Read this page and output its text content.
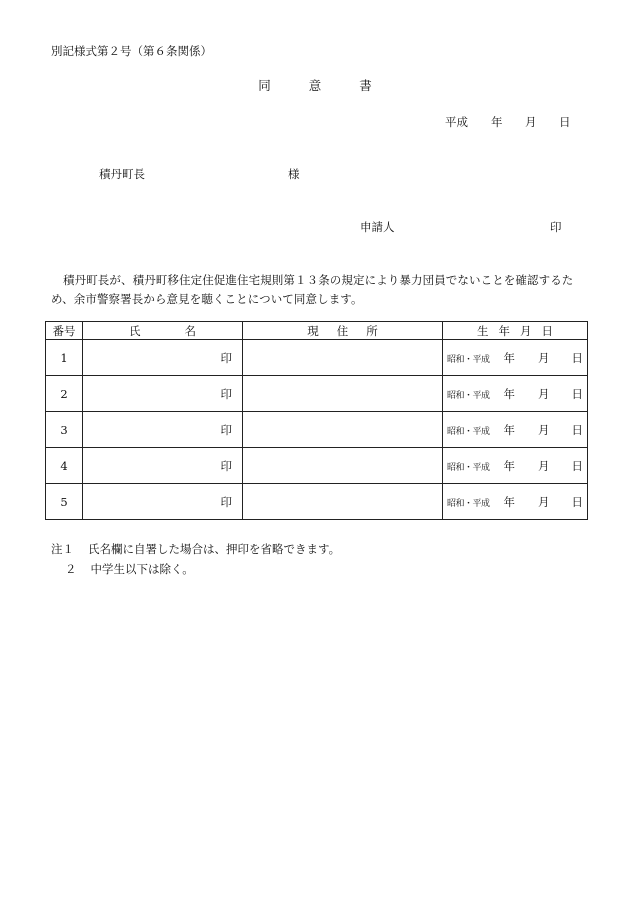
別記様式第２号（第６条関係）
同	意	書
平成 年 月 日
積丹町長	様
申請人	印
積丹町長が、積丹町移住定住促進住宅規則第１３条の規定により暴力団員でないことを確認するため、余市警察署長から意見を聴くことについて同意します。
番号	氏 名	現 住 所	生 年 月 日
1	印		昭和・平成 年 月 日
2	印		昭和・平成 年 月 日
3	印		昭和・平成 年 月 日
4	印		昭和・平成 年 月 日
5	印		昭和・平成 年 月 日
注１ 氏名欄に自署した場合は、押印を省略できます。
２ 中学生以下は除く。
